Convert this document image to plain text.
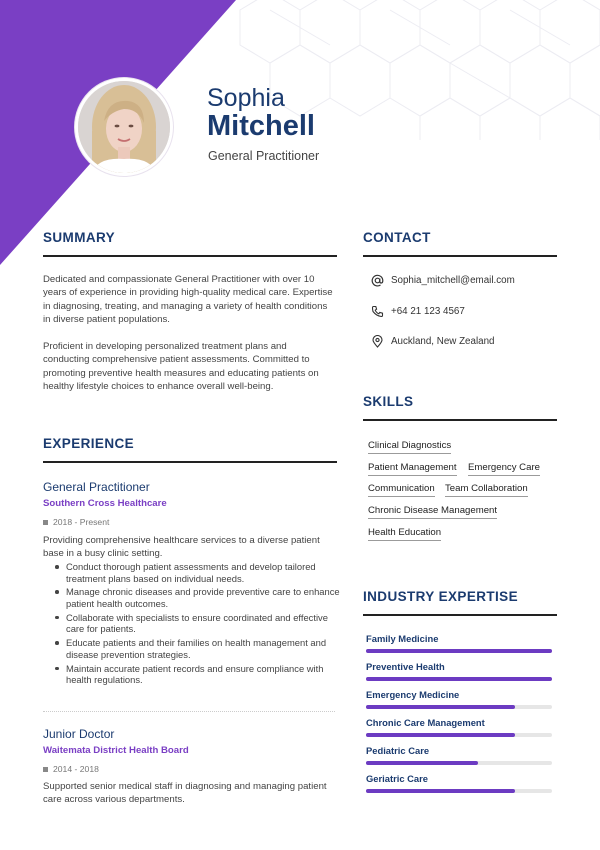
Sophia
Mitchell
General Practitioner
SUMMARY
Dedicated and compassionate General Practitioner with over 10 years of experience in providing high-quality medical care. Expertise in diagnosing, treating, and managing a variety of health conditions in diverse patient populations.
Proficient in developing personalized treatment plans and conducting comprehensive patient assessments. Committed to promoting preventive health measures and educating patients on healthy lifestyle choices to enhance overall well-being.
CONTACT
Sophia_mitchell@email.com
+64 21 123 4567
Auckland, New Zealand
SKILLS
Clinical Diagnostics
Patient Management Emergency Care
Communication Team Collaboration
Chronic Disease Management
Health Education
EXPERIENCE
General Practitioner
Southern Cross Healthcare
2018 - Present
Providing comprehensive healthcare services to a diverse patient base in a busy clinic setting.
Conduct thorough patient assessments and develop tailored treatment plans based on individual needs.
Manage chronic diseases and provide preventive care to enhance patient health outcomes.
Collaborate with specialists to ensure coordinated and effective care for patients.
Educate patients and their families on health management and disease prevention strategies.
Maintain accurate patient records and ensure compliance with health regulations.
Junior Doctor
Waitemata District Health Board
2014 - 2018
Supported senior medical staff in diagnosing and managing patient care across various departments.
INDUSTRY EXPERTISE
Family Medicine
Preventive Health
Emergency Medicine
Chronic Care Management
Pediatric Care
Geriatric Care
